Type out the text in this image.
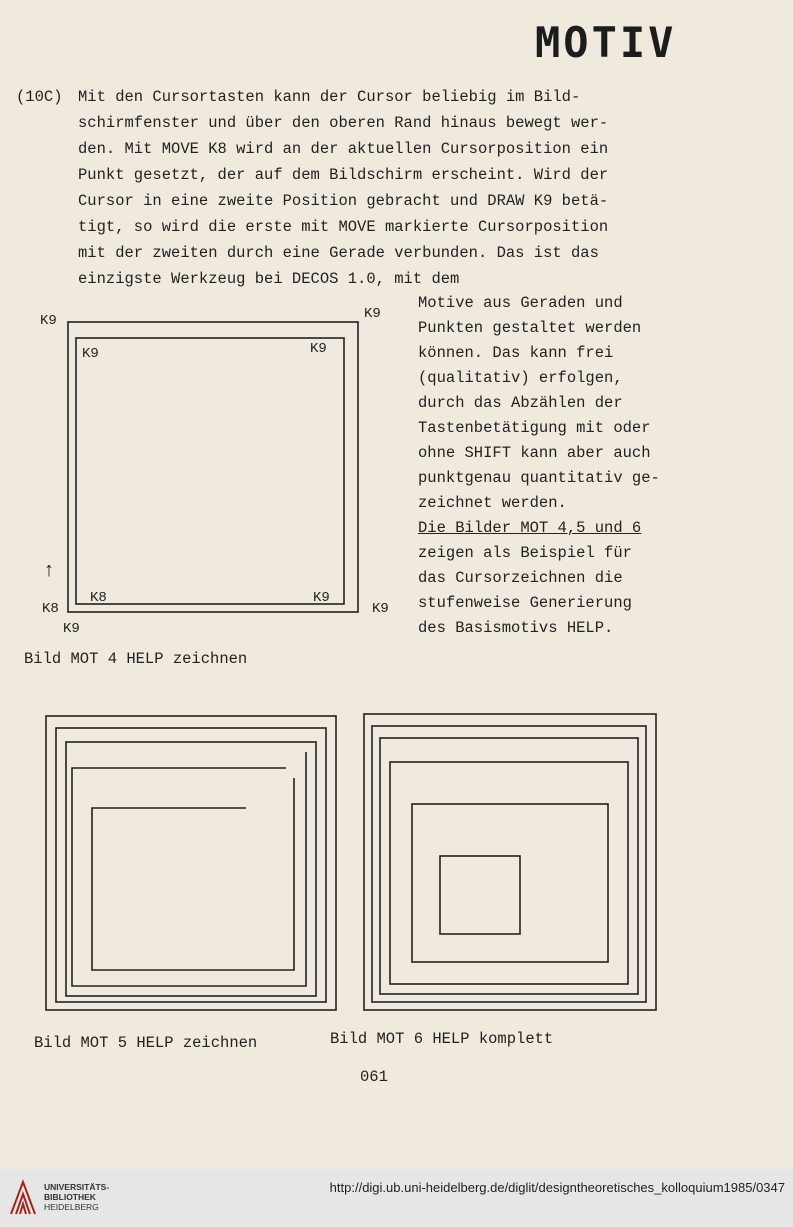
MOTIV
(10C) Mit den Cursortasten kann der Cursor beliebig im Bild-
schirmfenster und über den oberen Rand hinaus bewegt wer-
den. Mit MOVE K8 wird an der aktuellen Cursorposition ein
Punkt gesetzt, der auf dem Bildschirm erscheint. Wird der
Cursor in eine zweite Position gebracht und DRAW K9 betä-
tigt, so wird die erste mit MOVE markierte Cursorposition
mit der zweiten durch eine Gerade verbunden. Das ist das
einzigste Werkzeug bei DECOS 1.0, mit dem
Motive aus Geraden und
Punkten gestaltet werden
können. Das kann frei
(qualitativ) erfolgen,
durch das Abzählen der
Tastenbetätigung mit oder
ohne SHIFT kann aber auch
punktgenau quantitativ ge-
zeichnet werden.
Die Bilder MOT 4,5 und 6
zeigen als Beispiel für
das Cursorzeichnen die
stufenweise Generierung
des Basismotivs HELP.
K9	K9
K9	K9
K8	K9
K8
K9
K9
↑
Bild MOT 4 HELP zeichnen
Bild MOT 5 HELP zeichnen	Bild MOT 6 HELP komplett
061
UNIVERSITÄTS-
BIBLIOTHEK
HEIDELBERG
http://digi.ub.uni-heidelberg.de/diglit/designtheoretisches_kolloquium1985/0347
